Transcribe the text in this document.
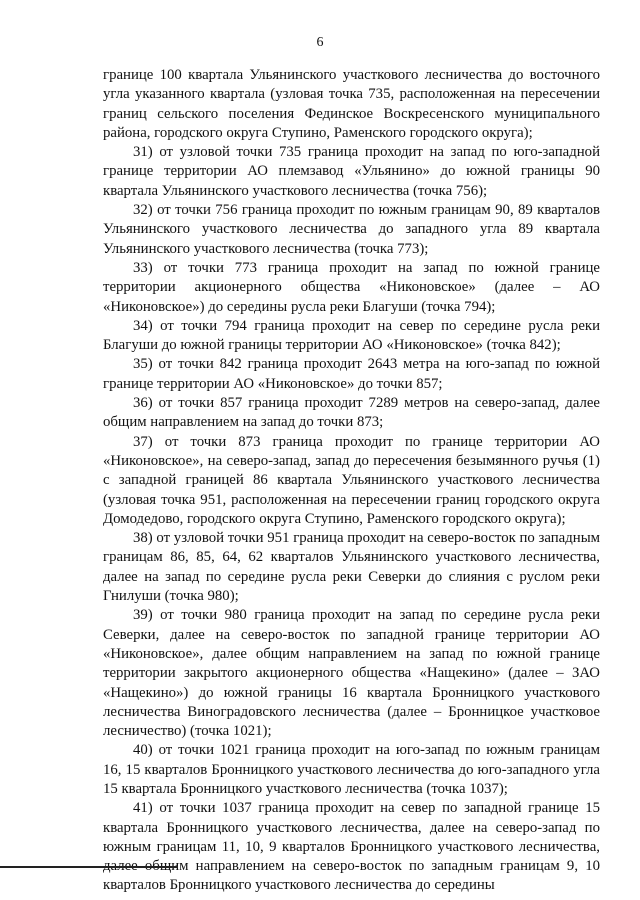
6

границе 100 квартала Ульянинского участкового лесничества до восточного угла указанного квартала (узловая точка 735, расположенная на пересечении границ сельского поселения Фединское Воскресенского муниципального района, городского округа Ступино, Раменского городского округа);

31) от узловой точки 735 граница проходит на запад по юго-западной границе территории АО племзавод «Ульянино» до южной границы 90 квартала Ульянинского участкового лесничества (точка 756);

32) от точки 756 граница проходит по южным границам 90, 89 кварталов Ульянинского участкового лесничества до западного угла 89 квартала Ульянинского участкового лесничества (точка 773);

33) от точки 773 граница проходит на запад по южной границе территории акционерного общества «Никоновское» (далее – АО «Никоновское») до середины русла реки Благуши (точка 794);

34) от точки 794 граница проходит на север по середине русла реки Благуши до южной границы территории АО «Никоновское» (точка 842);

35) от точки 842 граница проходит 2643 метра на юго-запад по южной границе территории АО «Никоновское» до точки 857;

36) от точки 857 граница проходит 7289 метров на северо-запад, далее общим направлением на запад до точки 873;

37) от точки 873 граница проходит по границе территории АО «Никоновское», на северо-запад, запад до пересечения безымянного ручья (1) с западной границей 86 квартала Ульянинского участкового лесничества (узловая точка 951, расположенная на пересечении границ городского округа Домодедово, городского округа Ступино, Раменского городского округа);

38) от узловой точки 951 граница проходит на северо-восток по западным границам 86, 85, 64, 62 кварталов Ульянинского участкового лесничества, далее на запад по середине русла реки Северки до слияния с руслом реки Гнилуши (точка 980);

39) от точки 980 граница проходит на запад по середине русла реки Северки, далее на северо-восток по западной границе территории АО «Никоновское», далее общим направлением на запад по южной границе территории закрытого акционерного общества «Нащекино» (далее – ЗАО «Нащекино») до южной границы 16 квартала Бронницкого участкового лесничества Виноградовского лесничества (далее – Бронницкое участковое лесничество) (точка 1021);

40) от точки 1021 граница проходит на юго-запад по южным границам 16, 15 кварталов Бронницкого участкового лесничества до юго-западного угла 15 квартала Бронницкого участкового лесничества (точка 1037);

41) от точки 1037 граница проходит на север по западной границе 15 квартала Бронницкого участкового лесничества, далее на северо-запад по южным границам 11, 10, 9 кварталов Бронницкого участкового лесничества, далее общим направлением на северо-восток по западным границам 9, 10 кварталов Бронницкого участкового лесничества до середины
